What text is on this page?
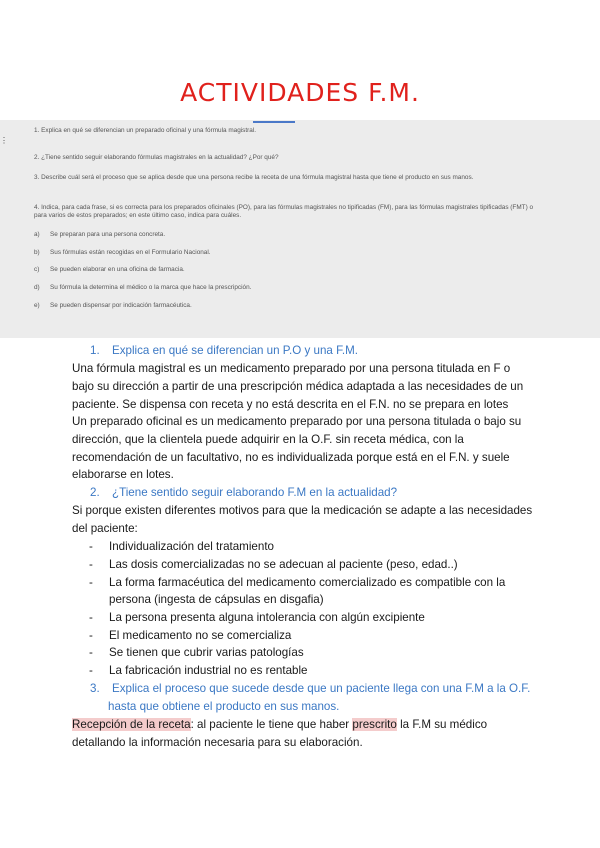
ACTIVIDADES F.M.
⋮
1. Explica en qué se diferencian un preparado oficinal y una fórmula magistral.
2. ¿Tiene sentido seguir elaborando fórmulas magistrales en la actualidad? ¿Por qué?
3. Describe cuál será el proceso que se aplica desde que una persona recibe la receta de una fórmula magistral hasta que tiene el producto en sus manos.
4. Indica, para cada frase, si es correcta para los preparados oficinales (PO), para las fórmulas magistrales no tipificadas (FM), para las fórmulas magistrales tipificadas (FMT) o
para varios de estos preparados; en este último caso, indica para cuáles.
a) Se preparan para una persona concreta.
b) Sus fórmulas están recogidas en el Formulario Nacional.
c) Se pueden elaborar en una oficina de farmacia.
d) Su fórmula la determina el médico o la marca que hace la prescripción.
e) Se pueden dispensar por indicación farmacéutica.
1. Explica en qué se diferencian un P.O y una F.M.
Una fórmula magistral es un medicamento preparado por una persona titulada en F o
bajo su dirección a partir de una prescripción médica adaptada a las necesidades de un
paciente. Se dispensa con receta y no está descrita en el F.N. no se prepara en lotes
Un preparado oficinal es un medicamento preparado por una persona titulada o bajo su
dirección, que la clientela puede adquirir en la O.F. sin receta médica, con la
recomendación de un facultativo, no es individualizada porque está en el F.N. y suele
elaborarse en lotes.
2. ¿Tiene sentido seguir elaborando F.M en la actualidad?
Si porque existen diferentes motivos para que la medicación se adapte a las necesidades
del paciente:
- Individualización del tratamiento
- Las dosis comercializadas no se adecuan al paciente (peso, edad..)
- La forma farmacéutica del medicamento comercializado es compatible con la
persona (ingesta de cápsulas en disgafia)
- La persona presenta alguna intolerancia con algún excipiente
- El medicamento no se comercializa
- Se tienen que cubrir varias patologías
- La fabricación industrial no es rentable
3. Explica el proceso que sucede desde que un paciente llega con una F.M a la O.F.
hasta que obtiene el producto en sus manos.
Recepción de la receta: al paciente le tiene que haber prescrito la F.M su médico
detallando la información necesaria para su elaboración.
